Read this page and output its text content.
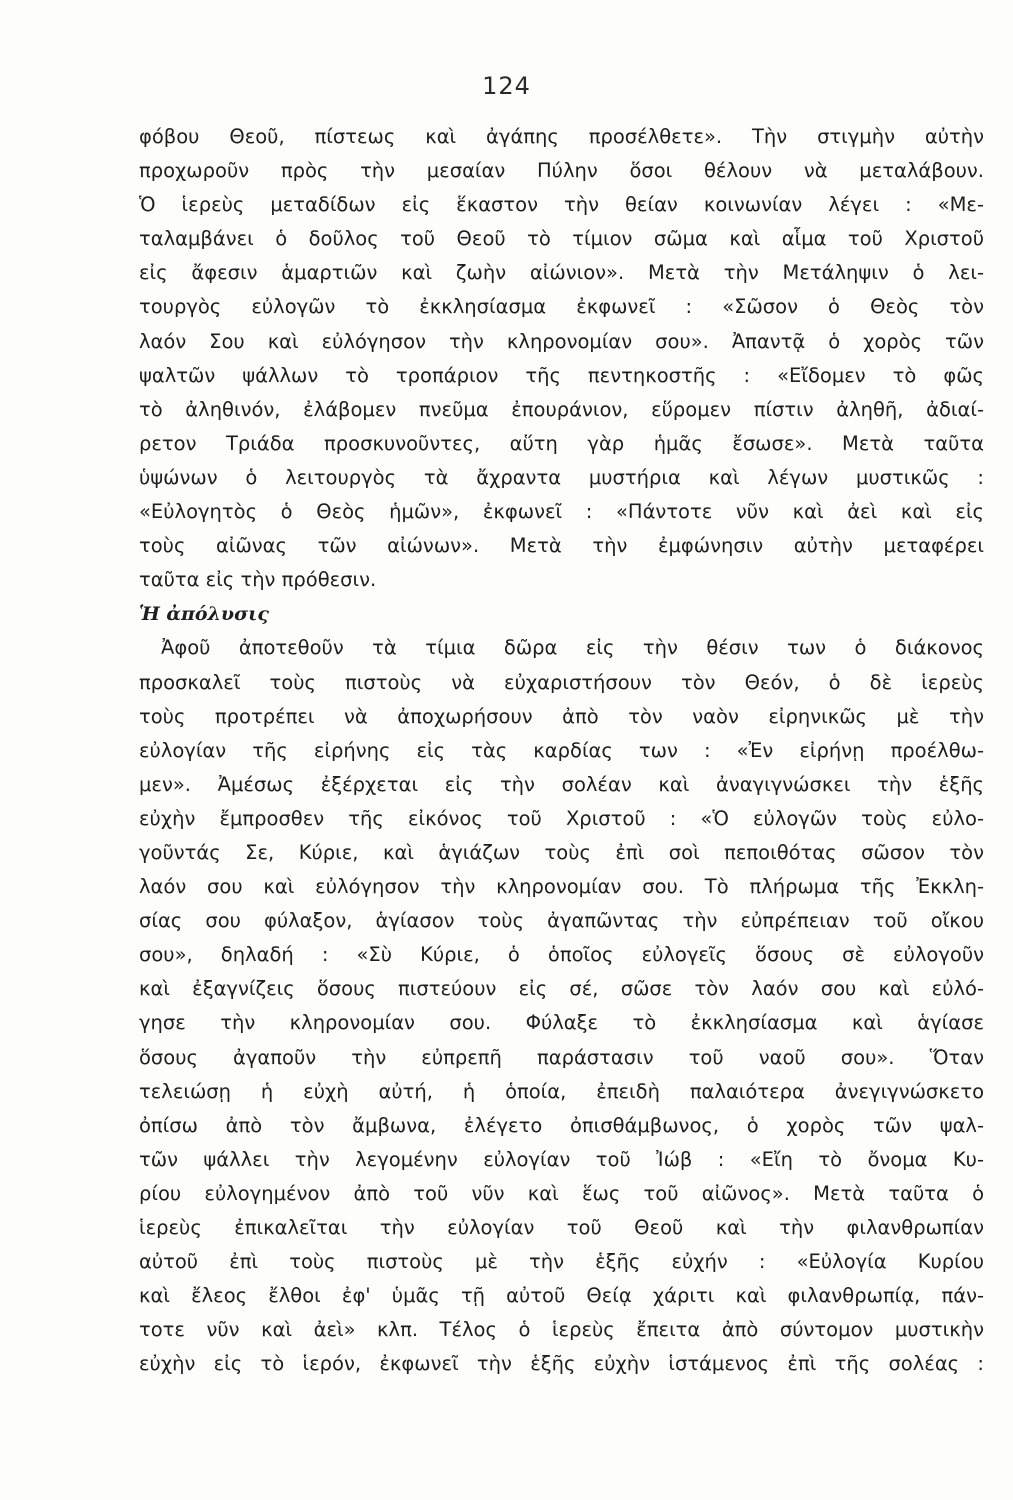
124
φόβου Θεοῦ, πίστεως καὶ ἀγάπης προσέλθετε». Τὴν στιγμὴν αὐτὴν
προχωροῦν πρὸς τὴν μεσαίαν Πύλην ὅσοι θέλουν νὰ μεταλάβουν.
Ὁ ἱερεὺς μεταδίδων εἰς ἕκαστον τὴν θείαν κοινωνίαν λέγει : «Με-
ταλαμβάνει ὁ δοῦλος τοῦ Θεοῦ τὸ τίμιον σῶμα καὶ αἷμα τοῦ Χριστοῦ
εἰς ἄφεσιν ἁμαρτιῶν καὶ ζωὴν αἰώνιον». Μετὰ τὴν Μετάληψιν ὁ λει-
τουργὸς εὐλογῶν τὸ ἐκκλησίασμα ἐκφωνεῖ : «Σῶσον ὁ Θεὸς τὸν
λαόν Σου καὶ εὐλόγησον τὴν κληρονομίαν σου». Ἀπαντᾷ ὁ χορὸς τῶν
ψαλτῶν ψάλλων τὸ τροπάριον τῆς πεντηκοστῆς : «Εἴδομεν τὸ φῶς
τὸ ἀληθινόν, ἐλάβομεν πνεῦμα ἐπουράνιον, εὕρομεν πίστιν ἀληθῆ, ἀδιαί-
ρετον Τριάδα προσκυνοῦντες, αὕτη γὰρ ἡμᾶς ἔσωσε». Μετὰ ταῦτα
ὑψώνων ὁ λειτουργὸς τὰ ἄχραντα μυστήρια καὶ λέγων μυστικῶς :
«Εὐλογητὸς ὁ Θεὸς ἡμῶν», ἐκφωνεῖ : «Πάντοτε νῦν καὶ ἀεὶ καὶ εἰς
τοὺς αἰῶνας τῶν αἰώνων». Μετὰ τὴν ἐμφώνησιν αὐτὴν μεταφέρει
ταῦτα εἰς τὴν πρόθεσιν.
Ἡ ἀπόλυσις
Ἀφοῦ ἀποτεθοῦν τὰ τίμια δῶρα εἰς τὴν θέσιν των ὁ διάκονος
προσκαλεῖ τοὺς πιστοὺς νὰ εὐχαριστήσουν τὸν Θεόν, ὁ δὲ ἱερεὺς
τοὺς προτρέπει νὰ ἀποχωρήσουν ἀπὸ τὸν ναὸν εἰρηνικῶς μὲ τὴν
εὐλογίαν τῆς εἰρήνης εἰς τὰς καρδίας των : «Ἐν εἰρήνῃ προέλθω-
μεν». Ἀμέσως ἐξέρχεται εἰς τὴν σολέαν καὶ ἀναγιγνώσκει τὴν ἑξῆς
εὐχὴν ἔμπροσθεν τῆς εἰκόνος τοῦ Χριστοῦ : «Ὁ εὐλογῶν τοὺς εὐλο-
γοῦντάς Σε, Κύριε, καὶ ἁγιάζων τοὺς ἐπὶ σοὶ πεποιθότας σῶσον τὸν
λαόν σου καὶ εὐλόγησον τὴν κληρονομίαν σου. Τὸ πλήρωμα τῆς Ἐκκλη-
σίας σου φύλαξον, ἁγίασον τοὺς ἀγαπῶντας τὴν εὐπρέπειαν τοῦ οἴκου
σου», δηλαδή : «Σὺ Κύριε, ὁ ὁποῖος εὐλογεῖς ὅσους σὲ εὐλογοῦν
καὶ ἐξαγνίζεις ὅσους πιστεύουν εἰς σέ, σῶσε τὸν λαόν σου καὶ εὐλό-
γησε τὴν κληρονομίαν σου. Φύλαξε τὸ ἐκκλησίασμα καὶ ἁγίασε
ὅσους ἀγαποῦν τὴν εὐπρεπῆ παράστασιν τοῦ ναοῦ σου». Ὅταν
τελειώσῃ ἡ εὐχὴ αὐτή, ἡ ὁποία, ἐπειδὴ παλαιότερα ἀνεγιγνώσκετο
ὀπίσω ἀπὸ τὸν ἄμβωνα, ἐλέγετο ὀπισθάμβωνος, ὁ χορὸς τῶν ψαλ-
τῶν ψάλλει τὴν λεγομένην εὐλογίαν τοῦ Ἰώβ : «Εἴη τὸ ὄνομα Κυ-
ρίου εὐλογημένον ἀπὸ τοῦ νῦν καὶ ἕως τοῦ αἰῶνος». Μετὰ ταῦτα ὁ
ἱερεὺς ἐπικαλεῖται τὴν εὐλογίαν τοῦ Θεοῦ καὶ τὴν φιλανθρωπίαν
αὐτοῦ ἐπὶ τοὺς πιστοὺς μὲ τὴν ἑξῆς εὐχήν : «Εὐλογία Κυρίου
καὶ ἔλεος ἔλθοι ἐφ' ὑμᾶς τῇ αὐτοῦ Θείᾳ χάριτι καὶ φιλανθρωπίᾳ, πάν-
τοτε νῦν καὶ ἀεὶ» κλπ. Τέλος ὁ ἱερεὺς ἔπειτα ἀπὸ σύντομον μυστικὴν
εὐχὴν εἰς τὸ ἱερόν, ἐκφωνεῖ τὴν ἑξῆς εὐχὴν ἱστάμενος ἐπὶ τῆς σολέας :
